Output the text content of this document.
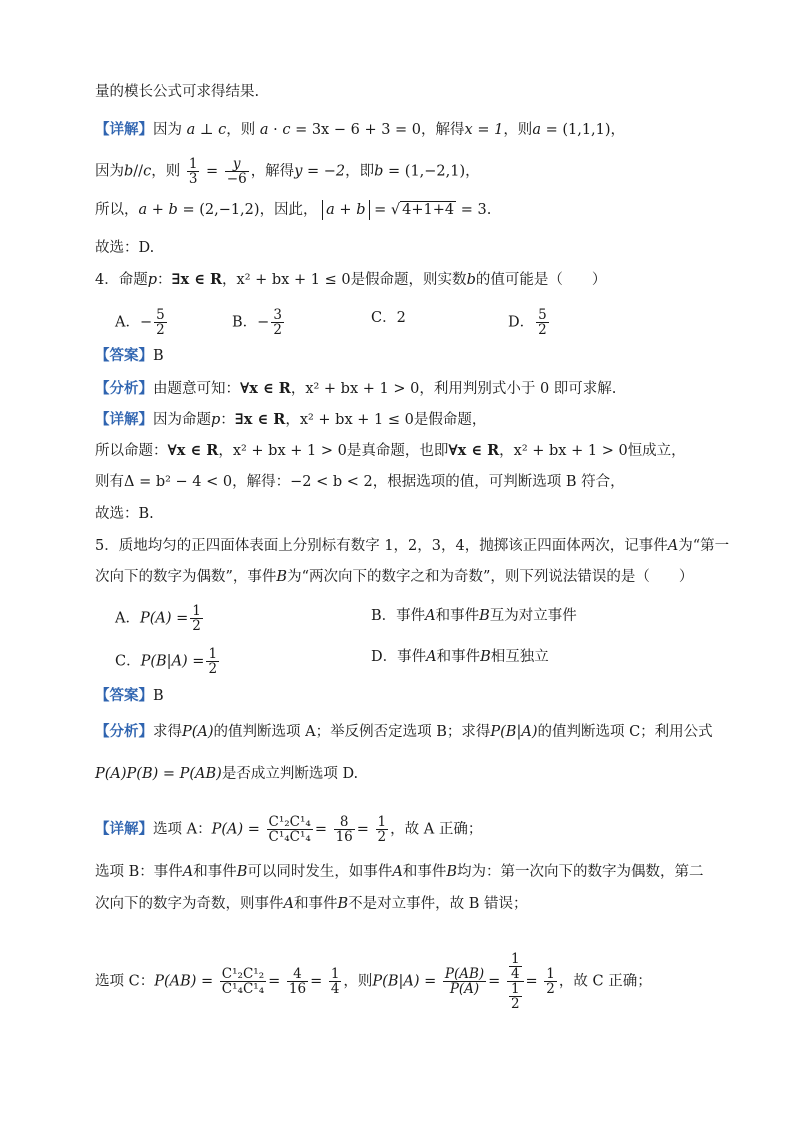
量的模长公式可求得结果.
【详解】因为 a ⊥ c，则 a · c = 3x − 6 + 3 = 0，解得x = 1，则a = (1,1,1)，
因为b//c，则 $\frac{1}{3} = \frac{y}{-6}$ ，解得y = −2，即b = (1,−2,1)，
所以，a + b = (2,−1,2)，因此， a + b = √ 4+1+4 = 3.
故选：D.
4．命题p：∃x ∈ R，x² + bx + 1 ≤ 0是假命题，则实数b的值可能是（　　）
A．− $\frac{5}{2}$	B．− $\frac{3}{2}$	C．2	D． $\frac{5}{2}$
【答案】B
【分析】由题意可知：∀x ∈ R，x² + bx + 1 > 0，利用判别式小于 0 即可求解.
【详解】因为命题p：∃x ∈ R，x² + bx + 1 ≤ 0是假命题，
所以命题：∀x ∈ R，x² + bx + 1 > 0是真命题，也即∀x ∈ R，x² + bx + 1 > 0恒成立，
则有Δ = b² − 4 < 0，解得：−2 < b < 2，根据选项的值，可判断选项 B 符合，
故选：B.
5．质地均匀的正四面体表面上分别标有数字 1，2，3，4，抛掷该正四面体两次，记事件A为“第一
次向下的数字为偶数”，事件B为“两次向下的数字之和为奇数”，则下列说法错误的是（　　）
A．$P(A) = \frac{1}{2}$	B．事件A和事件B互为对立事件
C．$P(B|A) = \frac{1}{2}$	D．事件A和事件B相互独立
【答案】B
【分析】求得P(A)的值判断选项 A；举反例否定选项 B；求得P(B|A)的值判断选项 C；利用公式
P(A)P(B) = P(AB)是否成立判断选项 D.
【详解】选项 A：$P(A) = \frac{\text{C¹₂C¹₄}}{\text{C¹₄C¹₄}} = \frac{8}{16} = \frac{1}{2}$ ，故 A 正确；
选项 B：事件A和事件B可以同时发生，如事件A和事件B均为：第一次向下的数字为偶数，第二
次向下的数字为奇数，则事件A和事件B不是对立事件，故 B 错误；
选项 C：$P(AB) = \frac{\text{C¹₂C¹₂}}{\text{C¹₄C¹₄}} = \frac{4}{16} = \frac{1}{4}$ ，则$P(B|A) = \frac{P(AB)}{P(A)} = \frac{\frac{1}{4}}{\frac{1}{2}} = \frac{1}{2}$ ，故 C 正确；
